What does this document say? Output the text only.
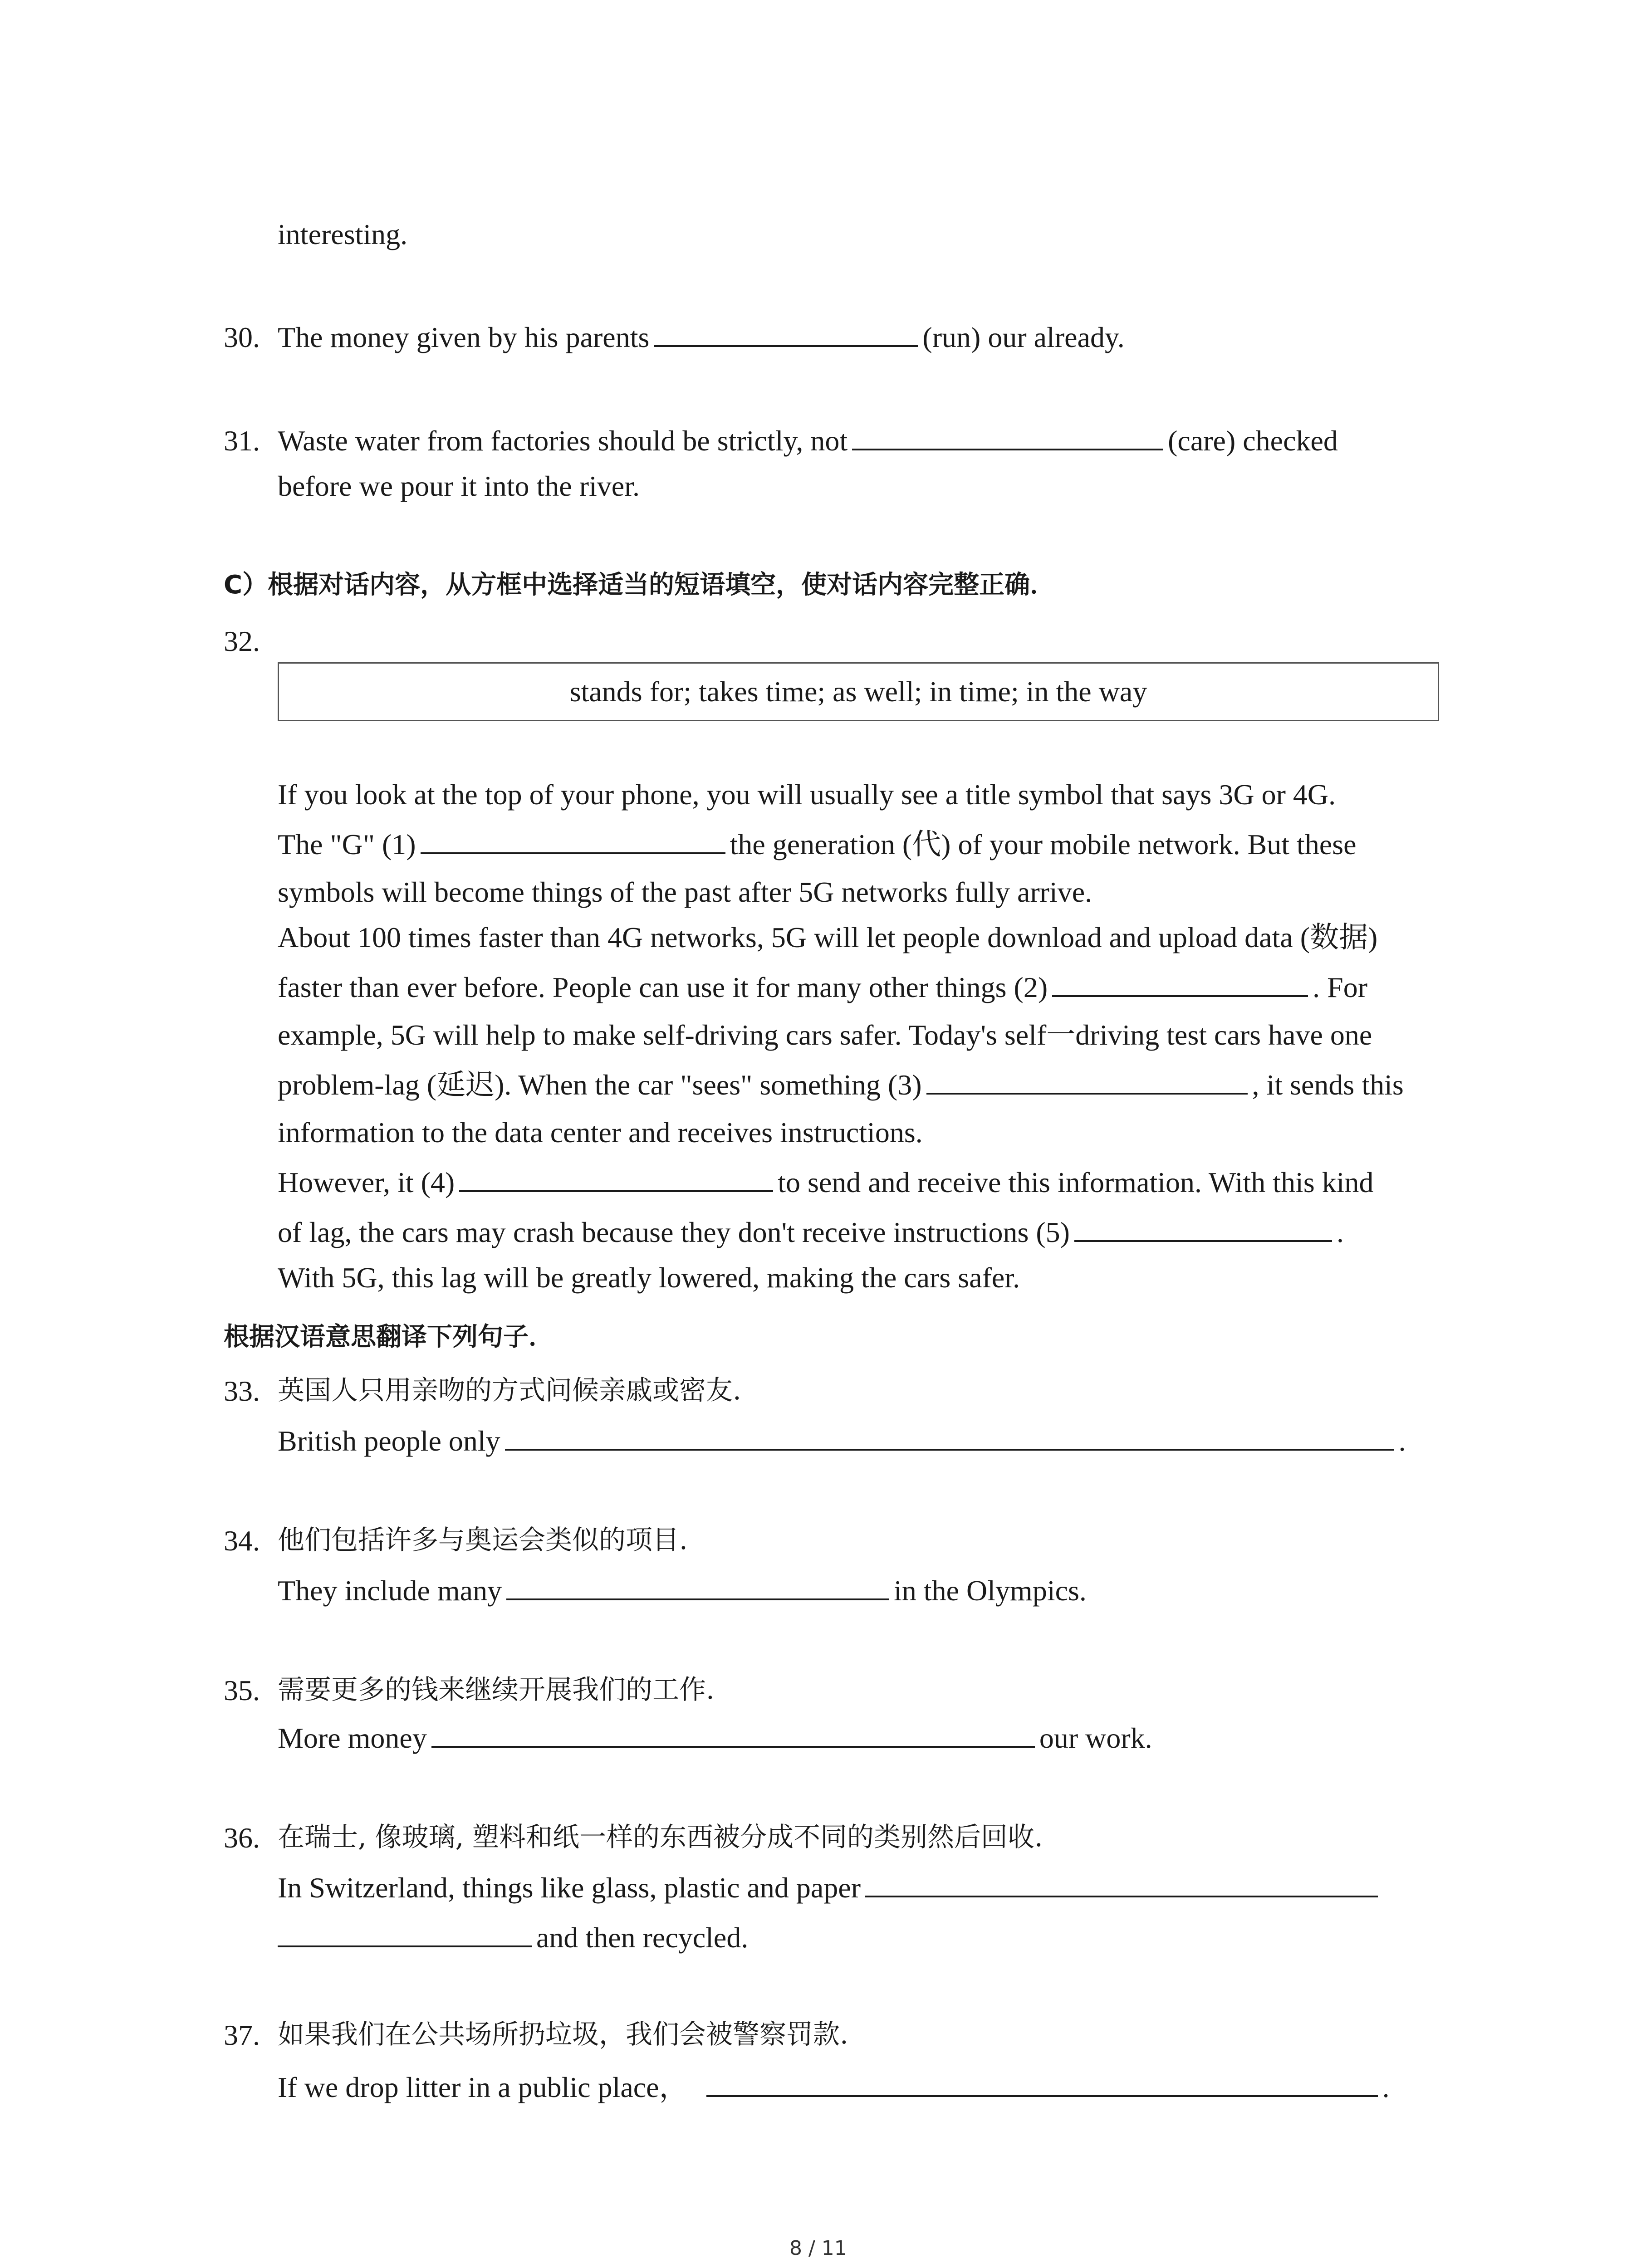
interesting.
30. The money given by his parents	(run) our already.
31. Waste water from factories should be strictly, not	(care) checked
before we pour it into the river.
C）根据对话内容，从方框中选择适当的短语填空，使对话内容完整正确．
32.
stands for; takes time; as well; in time; in the way
If you look at the top of your phone, you will usually see a title symbol that says 3G or 4G.
The "G" (1)	the generation (代) of your mobile network. But these
symbols will become things of the past after 5G networks fully arrive.
About 100 times faster than 4G networks, 5G will let people download and upload data (数据)
faster than ever before. People can use it for many other things (2)	. For
example, 5G will help to make self-driving cars safer. Today's self一driving test cars have one
problem-lag (延迟). When the car "sees" something (3)	, it sends this
information to the data center and receives instructions.
However, it (4)	to send and receive this information. With this kind
of lag, the cars may crash because they don't receive instructions (5)	.
With 5G, this lag will be greatly lowered, making the cars safer.
根据汉语意思翻译下列句子．
33. 英国人只用亲吻的方式问候亲戚或密友.
British people only	.
34. 他们包括许多与奥运会类似的项目.
They include many	in the Olympics.
35. 需要更多的钱来继续开展我们的工作.
More money	our work.
36. 在瑞士, 像玻璃, 塑料和纸一样的东西被分成不同的类别然后回收.
In Switzerland, things like glass, plastic and paper
and then recycled.
37. 如果我们在公共场所扔垃圾，我们会被警察罚款.
If we drop litter in a public place，	.
8 / 11
